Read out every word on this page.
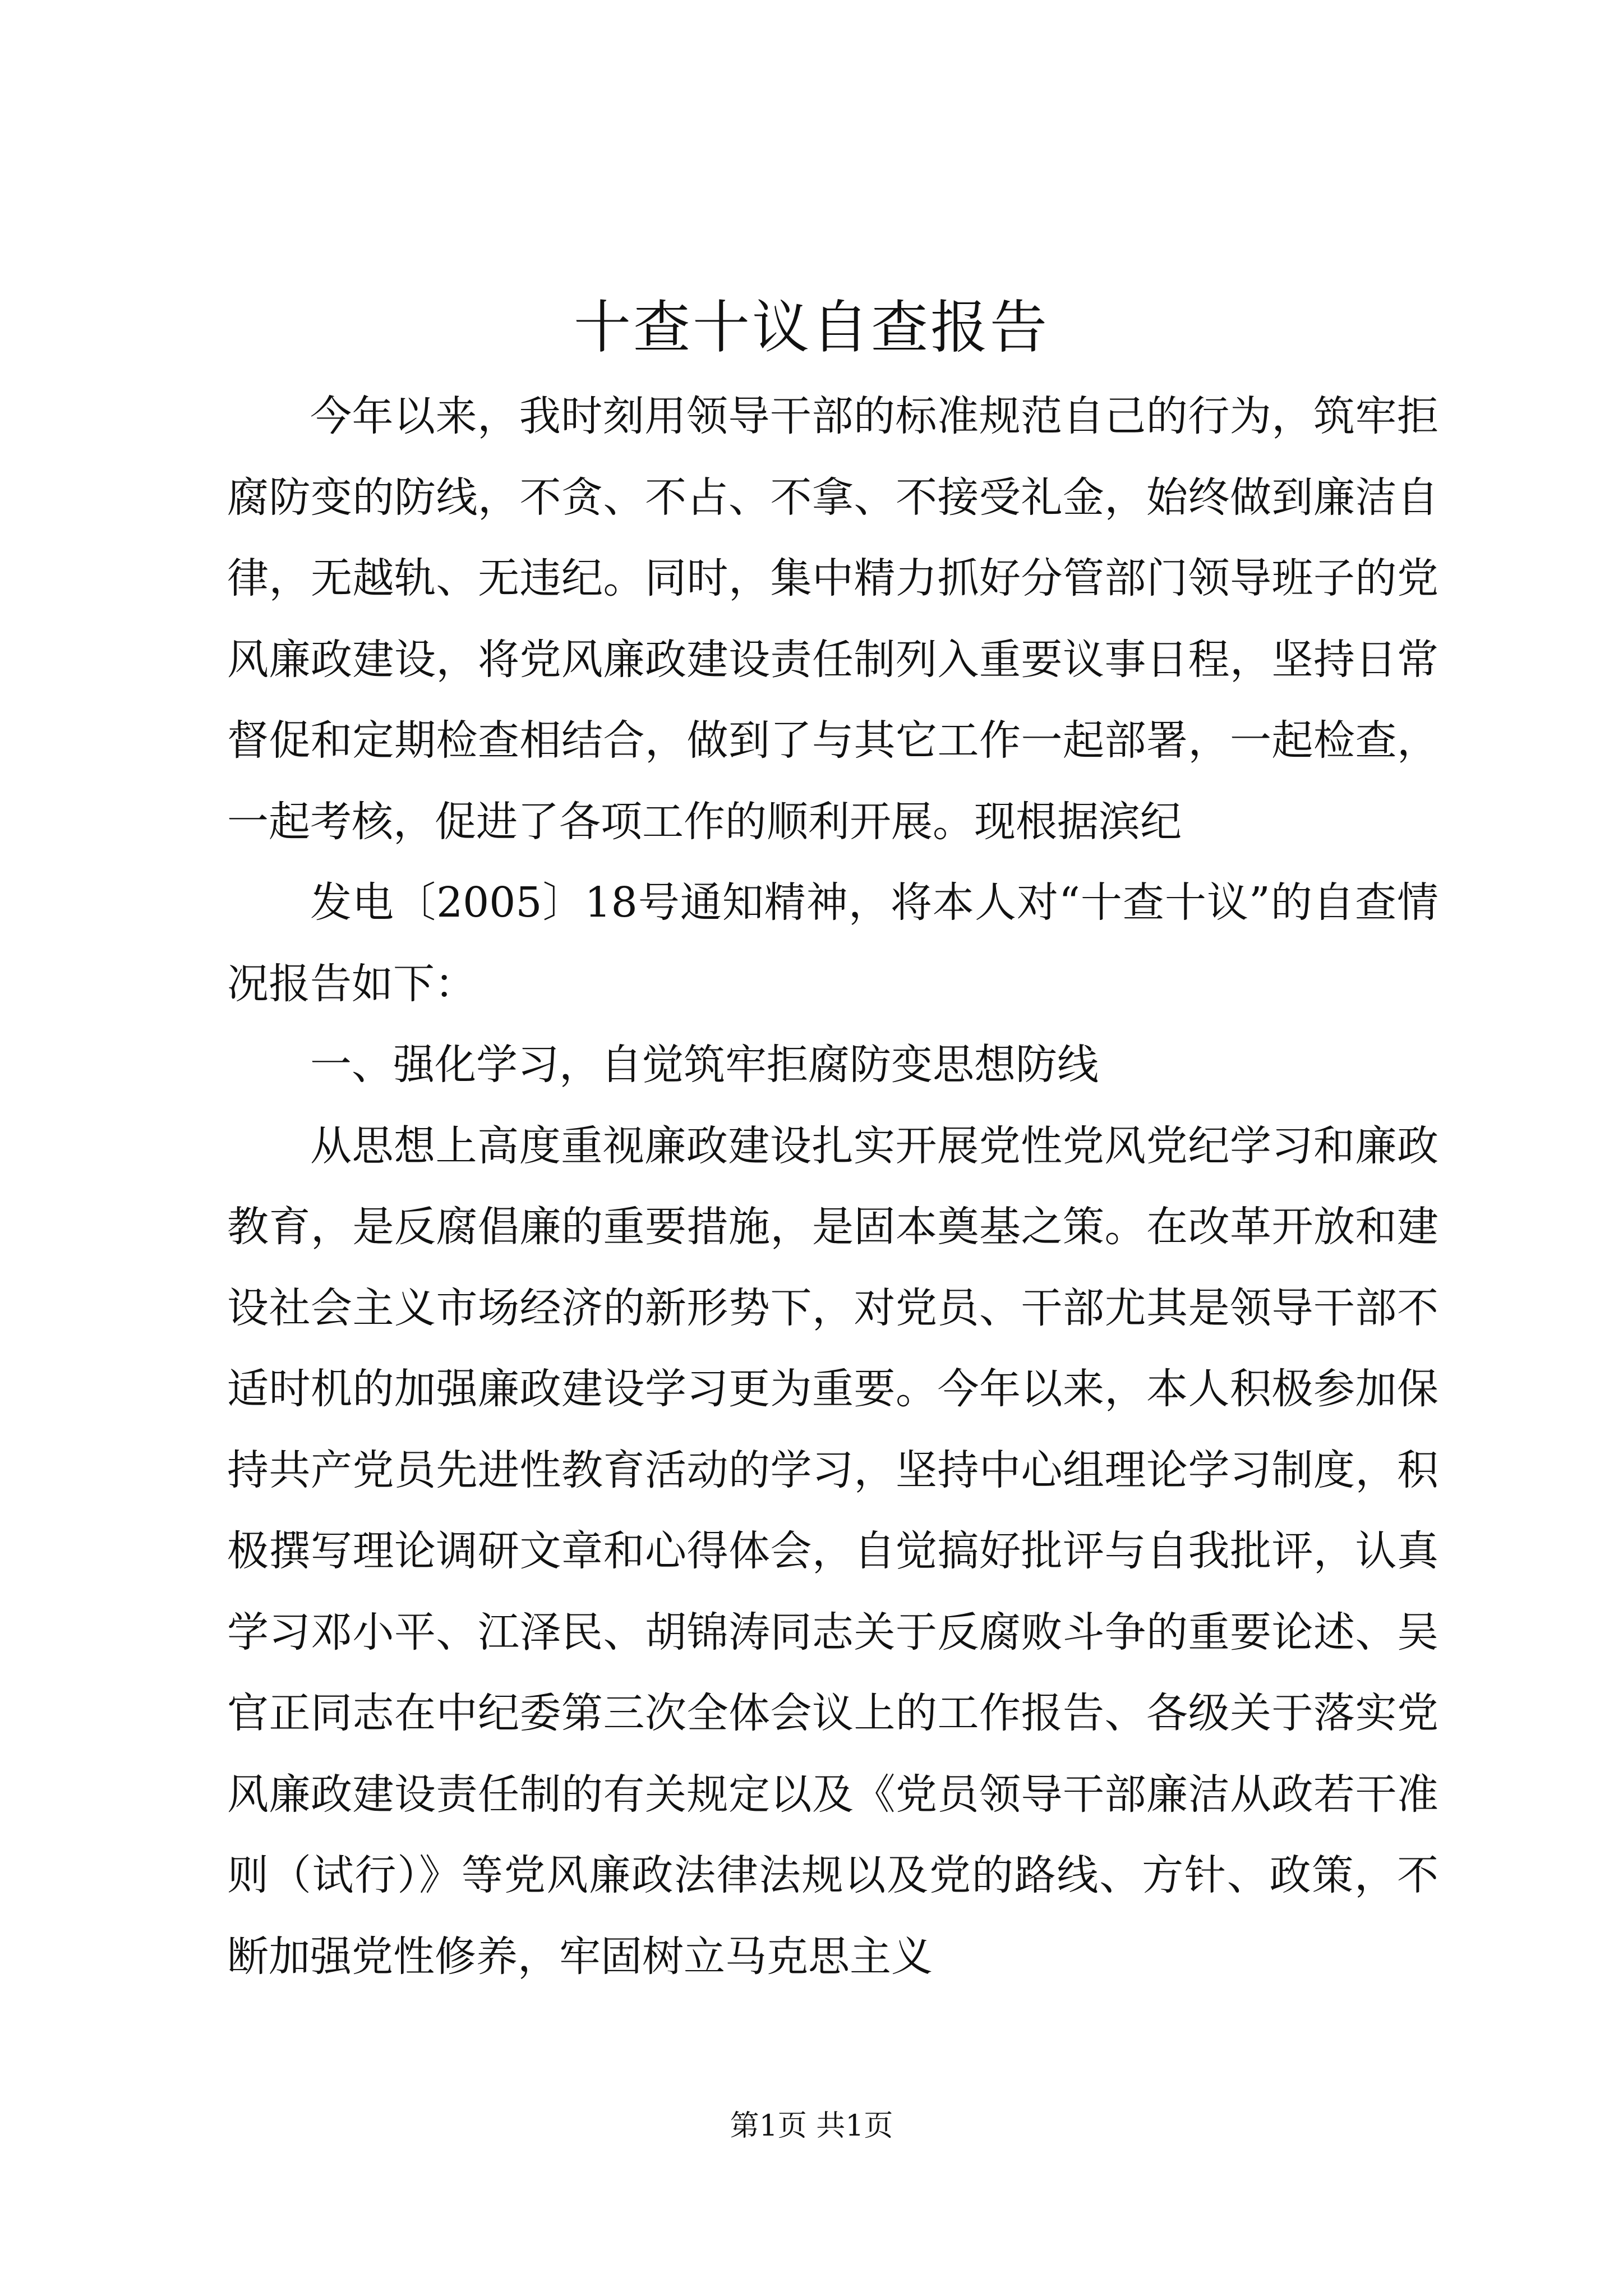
十查十议自查报告

今年以来，我时刻用领导干部的标准规范自己的行为，筑牢拒腐防变的防线，不贪、不占、不拿、不接受礼金，始终做到廉洁自律，无越轨、无违纪。同时，集中精力抓好分管部门领导班子的党风廉政建设，将党风廉政建设责任制列入重要议事日程，坚持日常督促和定期检查相结合，做到了与其它工作一起部署，一起检查，一起考核，促进了各项工作的顺利开展。现根据滨纪

发电〔2005〕18号通知精神，将本人对“十查十议”的自查情况报告如下：

一、强化学习，自觉筑牢拒腐防变思想防线

从思想上高度重视廉政建设扎实开展党性党风党纪学习和廉政教育，是反腐倡廉的重要措施，是固本奠基之策。在改革开放和建设社会主义市场经济的新形势下，对党员、干部尤其是领导干部不适时机的加强廉政建设学习更为重要。今年以来，本人积极参加保持共产党员先进性教育活动的学习，坚持中心组理论学习制度，积极撰写理论调研文章和心得体会，自觉搞好批评与自我批评，认真学习邓小平、江泽民、胡锦涛同志关于反腐败斗争的重要论述、吴官正同志在中纪委第三次全体会议上的工作报告、各级关于落实党风廉政建设责任制的有关规定以及《党员领导干部廉洁从政若干准则（试行）》等党风廉政法律法规以及党的路线、方针、政策，不断加强党性修养，牢固树立马克思主义

第1页 共1页
